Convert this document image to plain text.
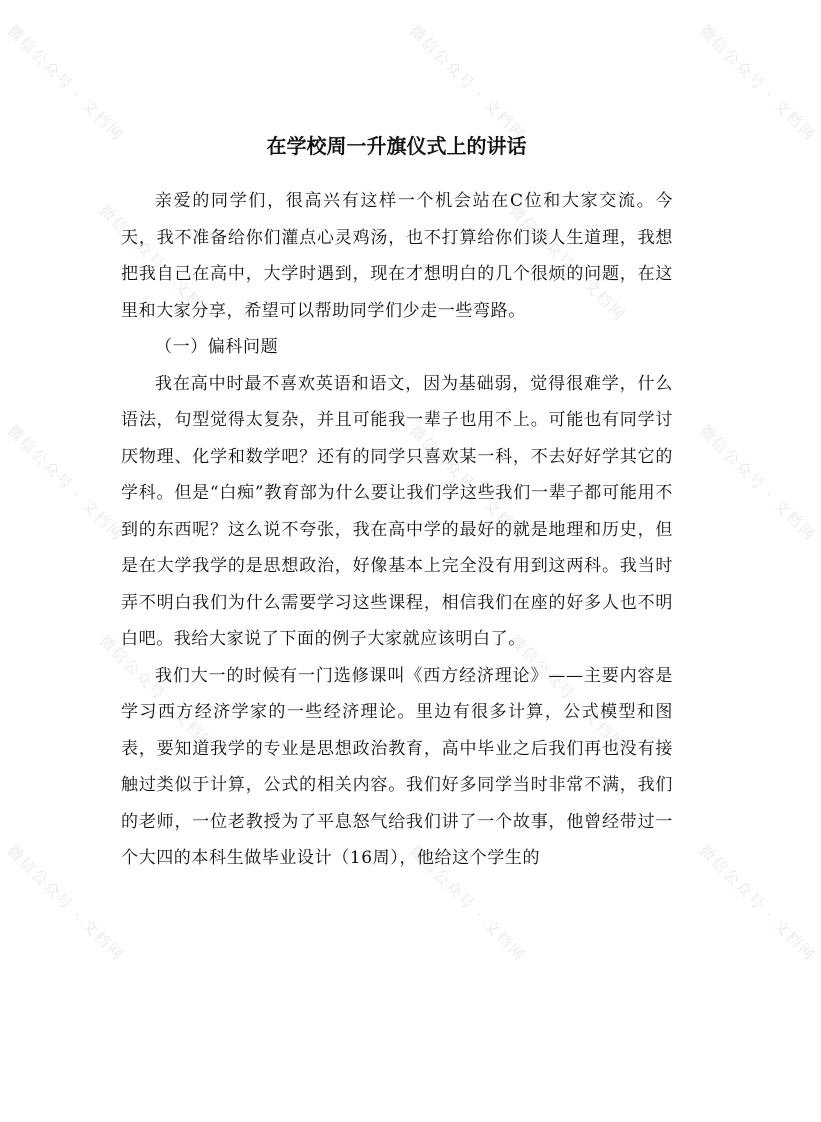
微信公众号 · 文档网	微信公众号 · 文档网	微信公众号 · 文档网
微信公众号 · 文档网	微信公众号 · 文档网
微信公众号 · 文档网	微信公众号 · 文档网	微信公众号 · 文档网
微信公众号 · 文档网	微信公众号 · 文档网
微信公众号 · 文档网	微信公众号 · 文档网	微信公众号 · 文档网
在学校周一升旗仪式上的讲话

亲爱的同学们，很高兴有这样一个机会站在C位和大家交流。今天，我不准备给你们灌点心灵鸡汤，也不打算给你们谈人生道理，我想把我自己在高中，大学时遇到，现在才想明白的几个很烦的问题，在这里和大家分享，希望可以帮助同学们少走一些弯路。

（一）偏科问题

我在高中时最不喜欢英语和语文，因为基础弱，觉得很难学，什么语法，句型觉得太复杂，并且可能我一辈子也用不上。可能也有同学讨厌物理、化学和数学吧？还有的同学只喜欢某一科，不去好好学其它的学科。但是“白痴”教育部为什么要让我们学这些我们一辈子都可能用不到的东西呢？这么说不夸张，我在高中学的最好的就是地理和历史，但是在大学我学的是思想政治，好像基本上完全没有用到这两科。我当时弄不明白我们为什么需要学习这些课程，相信我们在座的好多人也不明白吧。我给大家说了下面的例子大家就应该明白了。

我们大一的时候有一门选修课叫《西方经济理论》——主要内容是学习西方经济学家的一些经济理论。里边有很多计算，公式模型和图表，要知道我学的专业是思想政治教育，高中毕业之后我们再也没有接触过类似于计算，公式的相关内容。我们好多同学当时非常不满，我们的老师，一位老教授为了平息怒气给我们讲了一个故事，他曾经带过一个大四的本科生做毕业设计（16周），他给这个学生的
